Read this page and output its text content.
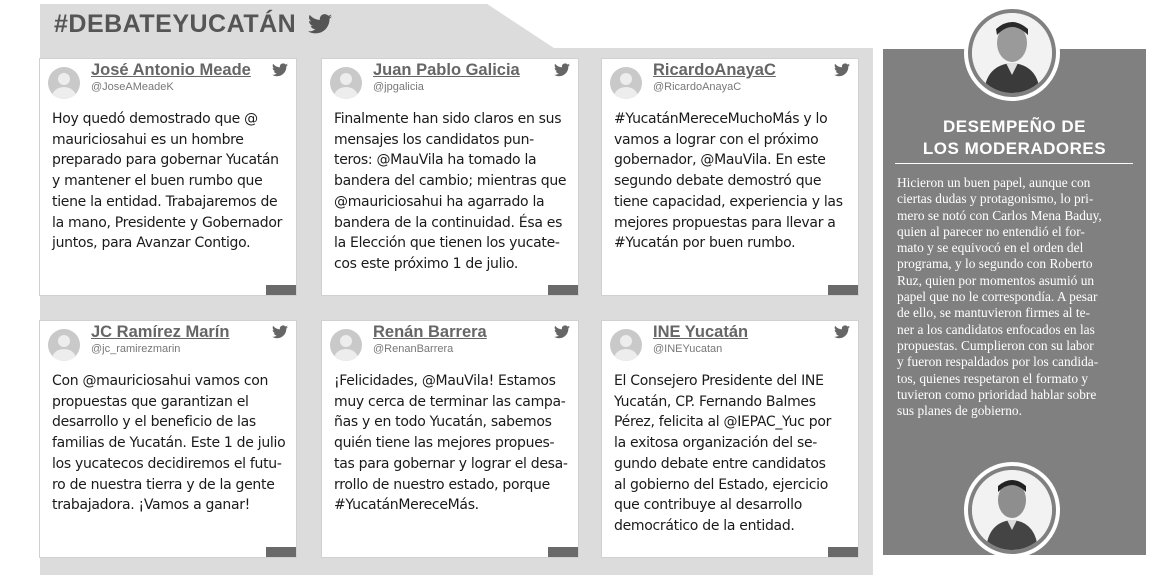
#DEBATEYUCATÁN
José Antonio Meade
@JoseAMeadeK
Hoy quedó demostrado que @
mauriciosahui es un hombre
preparado para gobernar Yucatán
y mantener el buen rumbo que
tiene la entidad. Trabajaremos de
la mano, Presidente y Gobernador
juntos, para Avanzar Contigo.
Juan Pablo Galicia
@jpgalicia
Finalmente han sido claros en sus
mensajes los candidatos pun-
teros: @MauVila ha tomado la
bandera del cambio; mientras que
@mauriciosahui ha agarrado la
bandera de la continuidad. Ésa es
la Elección que tienen los yucate-
cos este próximo 1 de julio.
RicardoAnayaC
@RicardoAnayaC
#YucatánMereceMuchoMás y lo
vamos a lograr con el próximo
gobernador, @MauVila. En este
segundo debate demostró que
tiene capacidad, experiencia y las
mejores propuestas para llevar a
#Yucatán por buen rumbo.
JC Ramírez Marín
@jc_ramirezmarin
Con @mauriciosahui vamos con
propuestas que garantizan el
desarrollo y el beneficio de las
familias de Yucatán. Este 1 de julio
los yucatecos decidiremos el futu-
ro de nuestra tierra y de la gente
trabajadora. ¡Vamos a ganar!
Renán Barrera
@RenanBarrera
¡Felicidades, @MauVila! Estamos
muy cerca de terminar las campa-
ñas y en todo Yucatán, sabemos
quién tiene las mejores propues-
tas para gobernar y lograr el desa-
rrollo de nuestro estado, porque
#YucatánMereceMás.
INE Yucatán
@INEYucatan
El Consejero Presidente del INE
Yucatán, CP. Fernando Balmes
Pérez, felicita al @IEPAC_Yuc por
la exitosa organización del se-
gundo debate entre candidatos
al gobierno del Estado, ejercicio
que contribuye al desarrollo
democrático de la entidad.
DESEMPEÑO DE
LOS MODERADORES
Hicieron un buen papel, aunque con
ciertas dudas y protagonismo, lo pri-
mero se notó con Carlos Mena Baduy,
quien al parecer no entendió el for-
mato y se equivocó en el orden del
programa, y lo segundo con Roberto
Ruz, quien por momentos asumió un
papel que no le correspondía. A pesar
de ello, se mantuvieron firmes al te-
ner a los candidatos enfocados en las
propuestas. Cumplieron con su labor
y fueron respaldados por los candida-
tos, quienes respetaron el formato y
tuvieron como prioridad hablar sobre
sus planes de gobierno.
